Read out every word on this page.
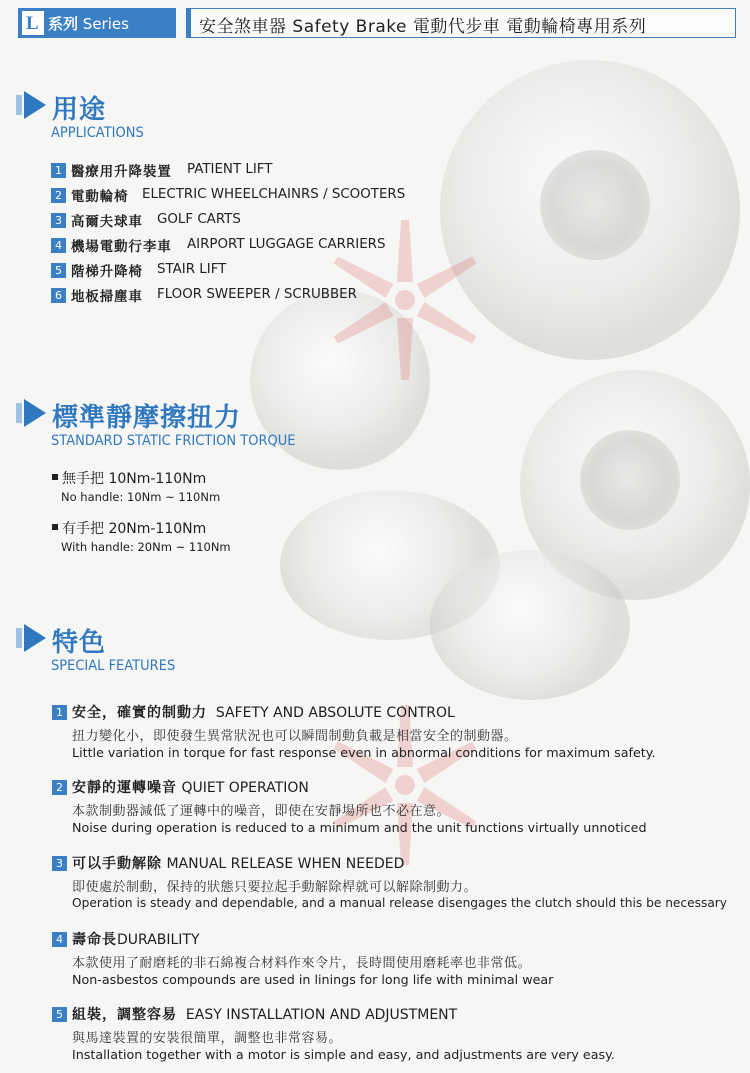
L 系列 Series	安全煞車器 Safety Brake 電動代步車 電動輪椅專用系列
用途
APPLICATIONS
1 醫療用升降裝置 PATIENT LIFT
2 電動輪椅 ELECTRIC WHEELCHAINRS / SCOOTERS
3 高爾夫球車 GOLF CARTS
4 機場電動行李車 AIRPORT LUGGAGE CARRIERS
5 階梯升降椅 STAIR LIFT
6 地板掃塵車 FLOOR SWEEPER / SCRUBBER
標準靜摩擦扭力
STANDARD STATIC FRICTION TORQUE
無手把 10Nm-110Nm
No handle: 10Nm ~ 110Nm
有手把 20Nm-110Nm
With handle: 20Nm ~ 110Nm
特色
SPECIAL FEATURES
1 安全，確實的制動力 SAFETY AND ABSOLUTE CONTROL
扭力變化小，即使發生異常狀況也可以瞬間制動負載是相當安全的制動器。
Little variation in torque for fast response even in abnormal conditions for maximum safety.
2 安靜的運轉噪音 QUIET OPERATION
本款制動器減低了運轉中的噪音，即使在安靜場所也不必在意。
Noise during operation is reduced to a minimum and the unit functions virtually unnoticed
3 可以手動解除 MANUAL RELEASE WHEN NEEDED
即使處於制動，保持的狀態只要拉起手動解除桿就可以解除制動力。
Operation is steady and dependable, and a manual release disengages the clutch should this be necessary
4 壽命長DURABILITY
本款使用了耐磨耗的非石綿複合材料作來令片，長時間使用磨耗率也非常低。
Non-asbestos compounds are used in linings for long life with minimal wear
5 組裝，調整容易 EASY INSTALLATION AND ADJUSTMENT
與馬達裝置的安裝很簡單，調整也非常容易。
Installation together with a motor is simple and easy, and adjustments are very easy.
